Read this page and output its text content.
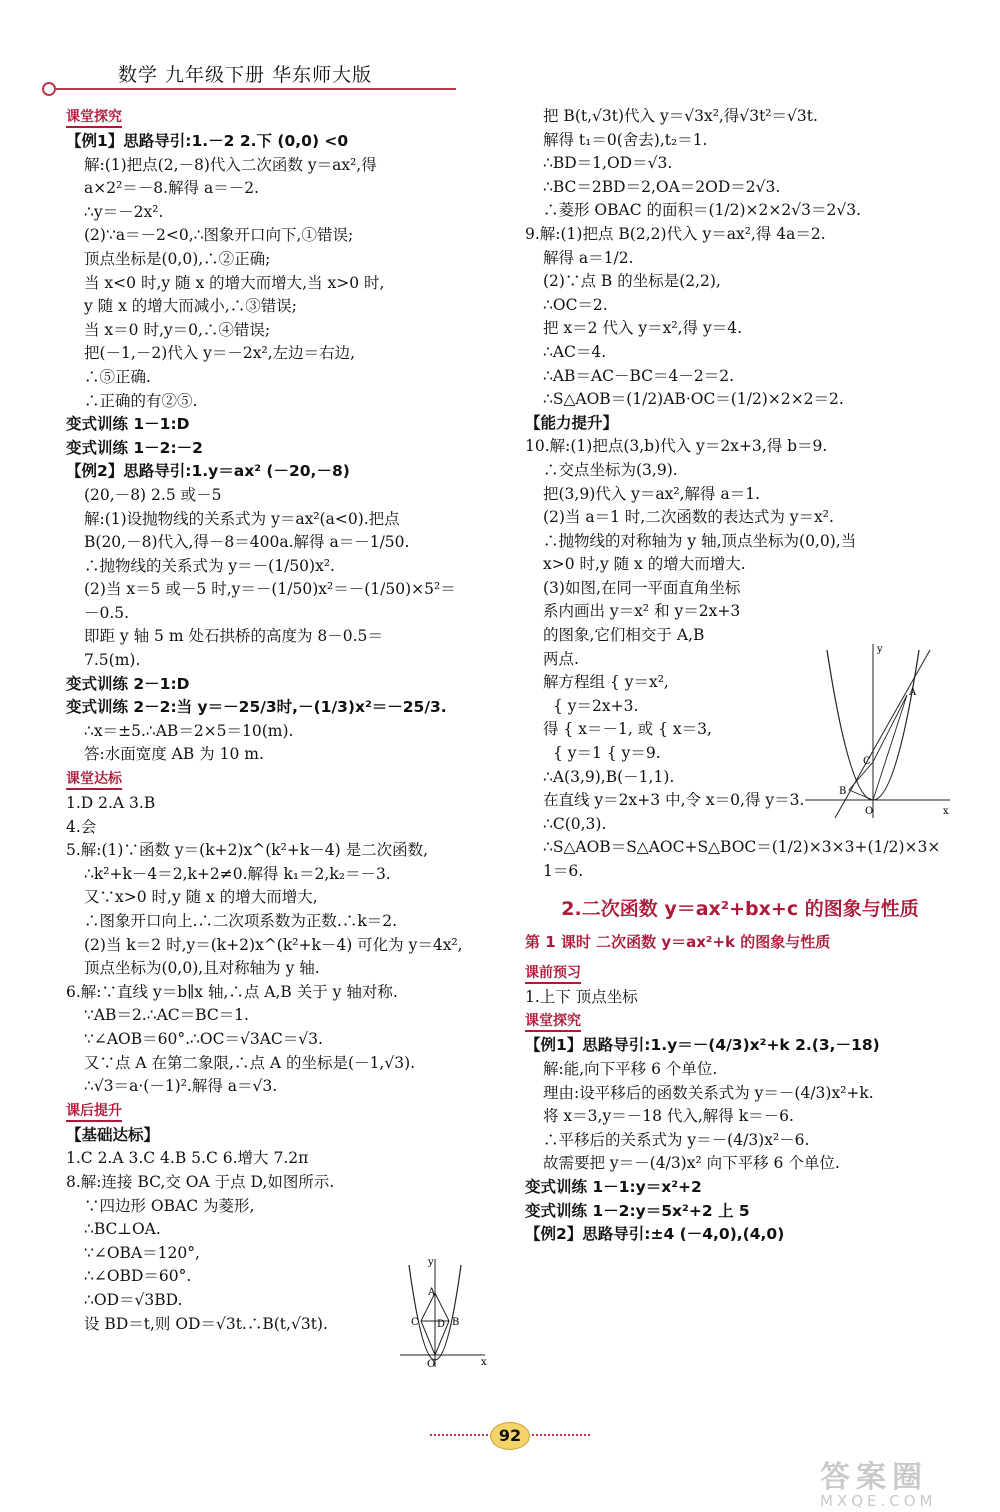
数学 九年级下册 华东师大版
课堂探究
【例1】思路导引:1.－2 2.下 (0,0) <0
解:(1)把点(2,－8)代入二次函数 y＝ax²,得
a×2²＝－8.解得 a＝－2.
∴y＝－2x².
(2)∵a＝－2<0,∴图象开口向下,①错误;
顶点坐标是(0,0),∴②正确;
当 x<0 时,y 随 x 的增大而增大,当 x>0 时,
y 随 x 的增大而减小,∴③错误;
当 x＝0 时,y＝0,∴④错误;
把(－1,－2)代入 y＝－2x²,左边＝右边,
∴⑤正确.
∴正确的有②⑤.
变式训练 1－1:D
变式训练 1－2:－2
【例2】思路导引:1.y＝ax² (－20,－8)
(20,－8) 2.5 或－5
解:(1)设抛物线的关系式为 y＝ax²(a<0).把点
B(20,－8)代入,得－8＝400a.解得 a＝－1/50.
∴抛物线的关系式为 y＝－(1/50)x².
(2)当 x＝5 或－5 时,y＝－(1/50)x²＝－(1/50)×5²＝
－0.5.
即距 y 轴 5 m 处石拱桥的高度为 8－0.5＝
7.5(m).
变式训练 2－1:D
变式训练 2－2:当 y＝－25/3时,－(1/3)x²＝－25/3.
∴x＝±5.∴AB＝2×5＝10(m).
答:水面宽度 AB 为 10 m.
课堂达标
1.D 2.A 3.B
4.会
5.解:(1)∵函数 y＝(k+2)x^(k²+k－4) 是二次函数,
∴k²+k－4＝2,k+2≠0.解得 k₁＝2,k₂＝－3.
又∵x>0 时,y 随 x 的增大而增大,
∴图象开口向上.∴二次项系数为正数.∴k＝2.
(2)当 k＝2 时,y＝(k+2)x^(k²+k－4) 可化为 y＝4x²,
顶点坐标为(0,0),且对称轴为 y 轴.
6.解:∵直线 y＝b∥x 轴,∴点 A,B 关于 y 轴对称.
∵AB＝2.∴AC＝BC＝1.
∵∠AOB＝60°.∴OC＝√3AC＝√3.
又∵点 A 在第二象限,∴点 A 的坐标是(－1,√3).
∴√3＝a·(－1)².解得 a＝√3.
课后提升
【基础达标】
1.C 2.A 3.C 4.B 5.C 6.增大 7.2π
8.解:连接 BC,交 OA 于点 D,如图所示.
∵四边形 OBAC 为菱形,
∴BC⊥OA.
∵∠OBA＝120°,
∴∠OBD＝60°.
∴OD＝√3BD.
设 BD＝t,则 OD＝√3t.∴B(t,√3t).
把 B(t,√3t)代入 y＝√3x²,得√3t²＝√3t.
解得 t₁＝0(舍去),t₂＝1.
∴BD＝1,OD＝√3.
∴BC＝2BD＝2,OA＝2OD＝2√3.
∴菱形 OBAC 的面积＝(1/2)×2×2√3＝2√3.
9.解:(1)把点 B(2,2)代入 y＝ax²,得 4a＝2.
解得 a＝1/2.
(2)∵点 B 的坐标是(2,2),
∴OC＝2.
把 x＝2 代入 y＝x²,得 y＝4.
∴AC＝4.
∴AB＝AC－BC＝4－2＝2.
∴S△AOB＝(1/2)AB·OC＝(1/2)×2×2＝2.
【能力提升】
10.解:(1)把点(3,b)代入 y＝2x+3,得 b＝9.
∴交点坐标为(3,9).
把(3,9)代入 y＝ax²,解得 a＝1.
(2)当 a＝1 时,二次函数的表达式为 y＝x².
∴抛物线的对称轴为 y 轴,顶点坐标为(0,0),当
x>0 时,y 随 x 的增大而增大.
(3)如图,在同一平面直角坐标
系内画出 y＝x² 和 y＝2x+3
的图象,它们相交于 A,B
两点.
解方程组 { y＝x²,
{ y＝2x+3.
得 { x＝－1, 或 { x＝3,
{ y＝1 { y＝9.
∴A(3,9),B(－1,1).
在直线 y＝2x+3 中,令 x＝0,得 y＝3.
∴C(0,3).
∴S△AOB＝S△AOC+S△BOC＝(1/2)×3×3+(1/2)×3×
1＝6.
2.二次函数 y＝ax²+bx+c 的图象与性质
第 1 课时 二次函数 y＝ax²+k 的图象与性质
课前预习
1.上下 顶点坐标
课堂探究
【例1】思路导引:1.y＝－(4/3)x²+k 2.(3,－18)
解:能,向下平移 6 个单位.
理由:设平移后的函数关系式为 y＝－(4/3)x²+k.
将 x＝3,y＝－18 代入,解得 k＝－6.
∴平移后的关系式为 y＝－(4/3)x²－6.
故需要把 y＝－(4/3)x² 向下平移 6 个单位.
变式训练 1－1:y＝x²+2
变式训练 1－2:y＝5x²+2 上 5
【例2】思路导引:±4 (－4,0),(4,0)
y
A
C D B
O	x
y
A
C
B
O	x
92
答案圈
MXQE.COM
